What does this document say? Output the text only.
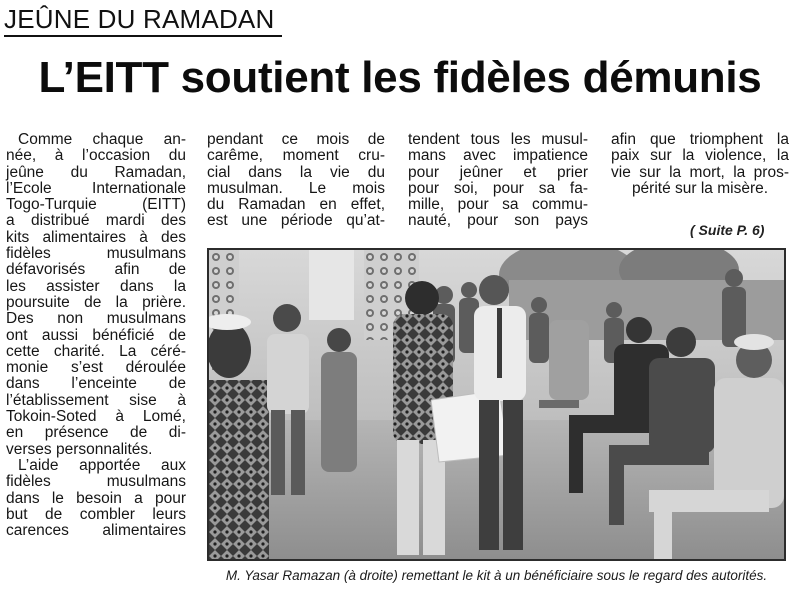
JEÛNE DU RAMADAN
L’EITT soutient les fidèles démunis

Comme chaque an-

née, à l’occasion du

jeûne du Ramadan,

l’Ecole Internationale

Togo-Turquie (EITT)

a distribué mardi des

kits alimentaires à des

fidèles musulmans

défavorisés afin de

les assister dans la

poursuite de la prière.

Des non musulmans

ont aussi bénéficié de

cette charité. La céré-

monie s’est déroulée

dans l’enceinte de

l’établissement sise à

Tokoin-Soted à Lomé,

en présence de di-

verses personnalités.

L’aide apportée aux

fidèles musulmans

dans le besoin a pour

but de combler leurs

carences alimentaires

pendant ce mois de

carême, moment cru-

cial dans la vie du

musulman. Le mois

du Ramadan en effet,

est une période qu’at-

tendent tous les musul-

mans avec impatience

pour jeûner et prier

pour soi, pour sa fa-

mille, pour sa commu-

nauté, pour son pays

afin que triomphent la

paix sur la violence, la

vie sur la mort, la pros-

périté sur la misère.

( Suite P. 6)
M. Yasar Ramazan (à droite) remettant le kit à un bénéficiaire sous le regard des autorités.
